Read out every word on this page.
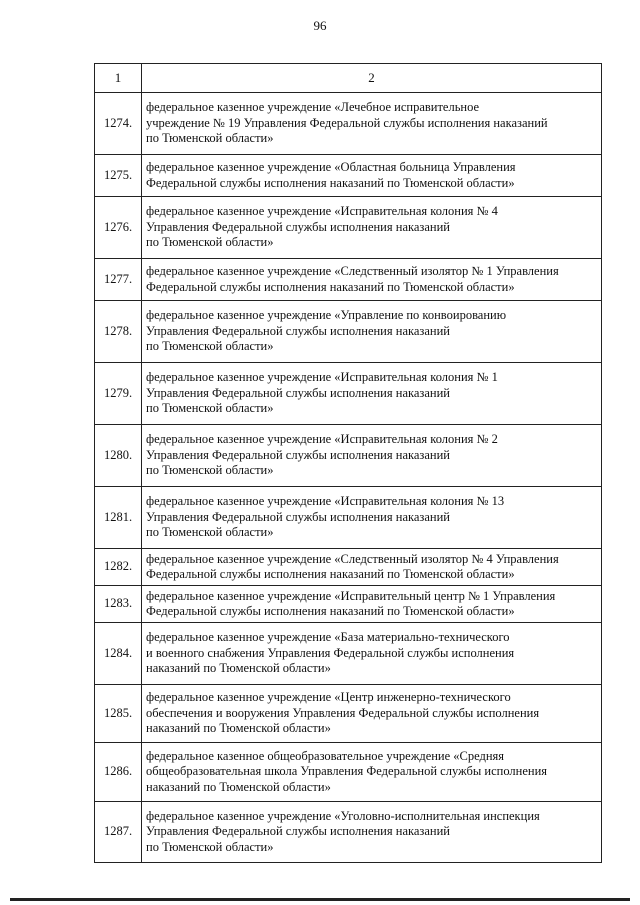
96
1	2
1274.	федеральное казенное учреждение «Лечебное исправительное
учреждение № 19 Управления Федеральной службы исполнения наказаний
по Тюменской области»
1275.	федеральное казенное учреждение «Областная больница Управления
Федеральной службы исполнения наказаний по Тюменской области»
1276.	федеральное казенное учреждение «Исправительная колония № 4
Управления Федеральной службы исполнения наказаний
по Тюменской области»
1277.	федеральное казенное учреждение «Следственный изолятор № 1 Управления
Федеральной службы исполнения наказаний по Тюменской области»
1278.	федеральное казенное учреждение «Управление по конвоированию
Управления Федеральной службы исполнения наказаний
по Тюменской области»
1279.	федеральное казенное учреждение «Исправительная колония № 1
Управления Федеральной службы исполнения наказаний
по Тюменской области»
1280.	федеральное казенное учреждение «Исправительная колония № 2
Управления Федеральной службы исполнения наказаний
по Тюменской области»
1281.	федеральное казенное учреждение «Исправительная колония № 13
Управления Федеральной службы исполнения наказаний
по Тюменской области»
1282.	федеральное казенное учреждение «Следственный изолятор № 4 Управления
Федеральной службы исполнения наказаний по Тюменской области»
1283.	федеральное казенное учреждение «Исправительный центр № 1 Управления
Федеральной службы исполнения наказаний по Тюменской области»
1284.	федеральное казенное учреждение «База материально-технического
и военного снабжения Управления Федеральной службы исполнения
наказаний по Тюменской области»
1285.	федеральное казенное учреждение «Центр инженерно-технического
обеспечения и вооружения Управления Федеральной службы исполнения
наказаний по Тюменской области»
1286.	федеральное казенное общеобразовательное учреждение «Средняя
общеобразовательная школа Управления Федеральной службы исполнения
наказаний по Тюменской области»
1287.	федеральное казенное учреждение «Уголовно-исполнительная инспекция
Управления Федеральной службы исполнения наказаний
по Тюменской области»
